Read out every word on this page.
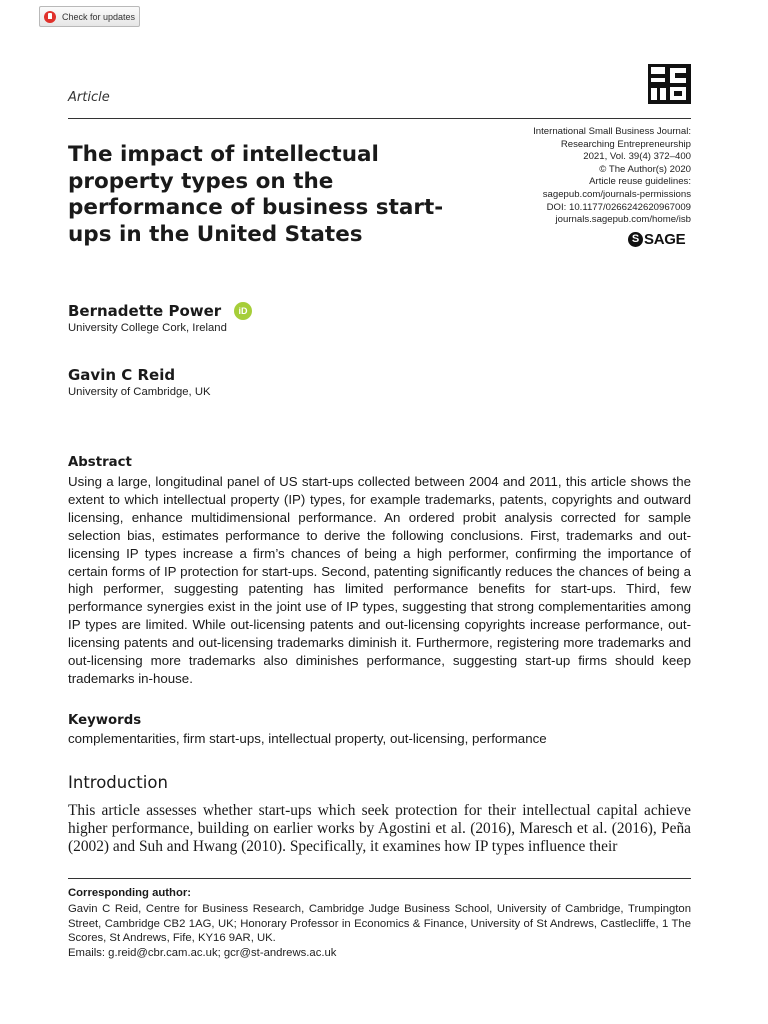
Check for updates
Article
The impact of intellectual property types on the performance of business start-ups in the United States
International Small Business Journal:
Researching Entrepreneurship
2021, Vol. 39(4) 372–400
© The Author(s) 2020
Article reuse guidelines:
sagepub.com/journals-permissions
DOI: 10.1177/0266242620967009
journals.sagepub.com/home/isb
S SAGE
Bernadette Power	iD
University College Cork, Ireland
Gavin C Reid
University of Cambridge, UK
Abstract
Using a large, longitudinal panel of US start-ups collected between 2004 and 2011, this article shows the extent to which intellectual property (IP) types, for example trademarks, patents, copyrights and outward licensing, enhance multidimensional performance. An ordered probit analysis corrected for sample selection bias, estimates performance to derive the following conclusions. First, trademarks and out-licensing IP types increase a firm’s chances of being a high performer, confirming the importance of certain forms of IP protection for start-ups. Second, patenting significantly reduces the chances of being a high performer, suggesting patenting has limited performance benefits for start-ups. Third, few performance synergies exist in the joint use of IP types, suggesting that strong complementarities among IP types are limited. While out-licensing patents and out-licensing copyrights increase performance, out-licensing patents and out-licensing trademarks diminish it. Furthermore, registering more trademarks and out-licensing more trademarks also diminishes performance, suggesting start-up firms should keep trademarks in-house.
Keywords
complementarities, firm start-ups, intellectual property, out-licensing, performance
Introduction
This article assesses whether start-ups which seek protection for their intellectual capital achieve higher performance, building on earlier works by Agostini et al. (2016), Maresch et al. (2016), Peña (2002) and Suh and Hwang (2010). Specifically, it examines how IP types influence their
Corresponding author:
Gavin C Reid, Centre for Business Research, Cambridge Judge Business School, University of Cambridge, Trumpington Street, Cambridge CB2 1AG, UK; Honorary Professor in Economics & Finance, University of St Andrews, Castlecliffe, 1 The Scores, St Andrews, Fife, KY16 9AR, UK.
Emails: g.reid@cbr.cam.ac.uk; gcr@st-andrews.ac.uk
